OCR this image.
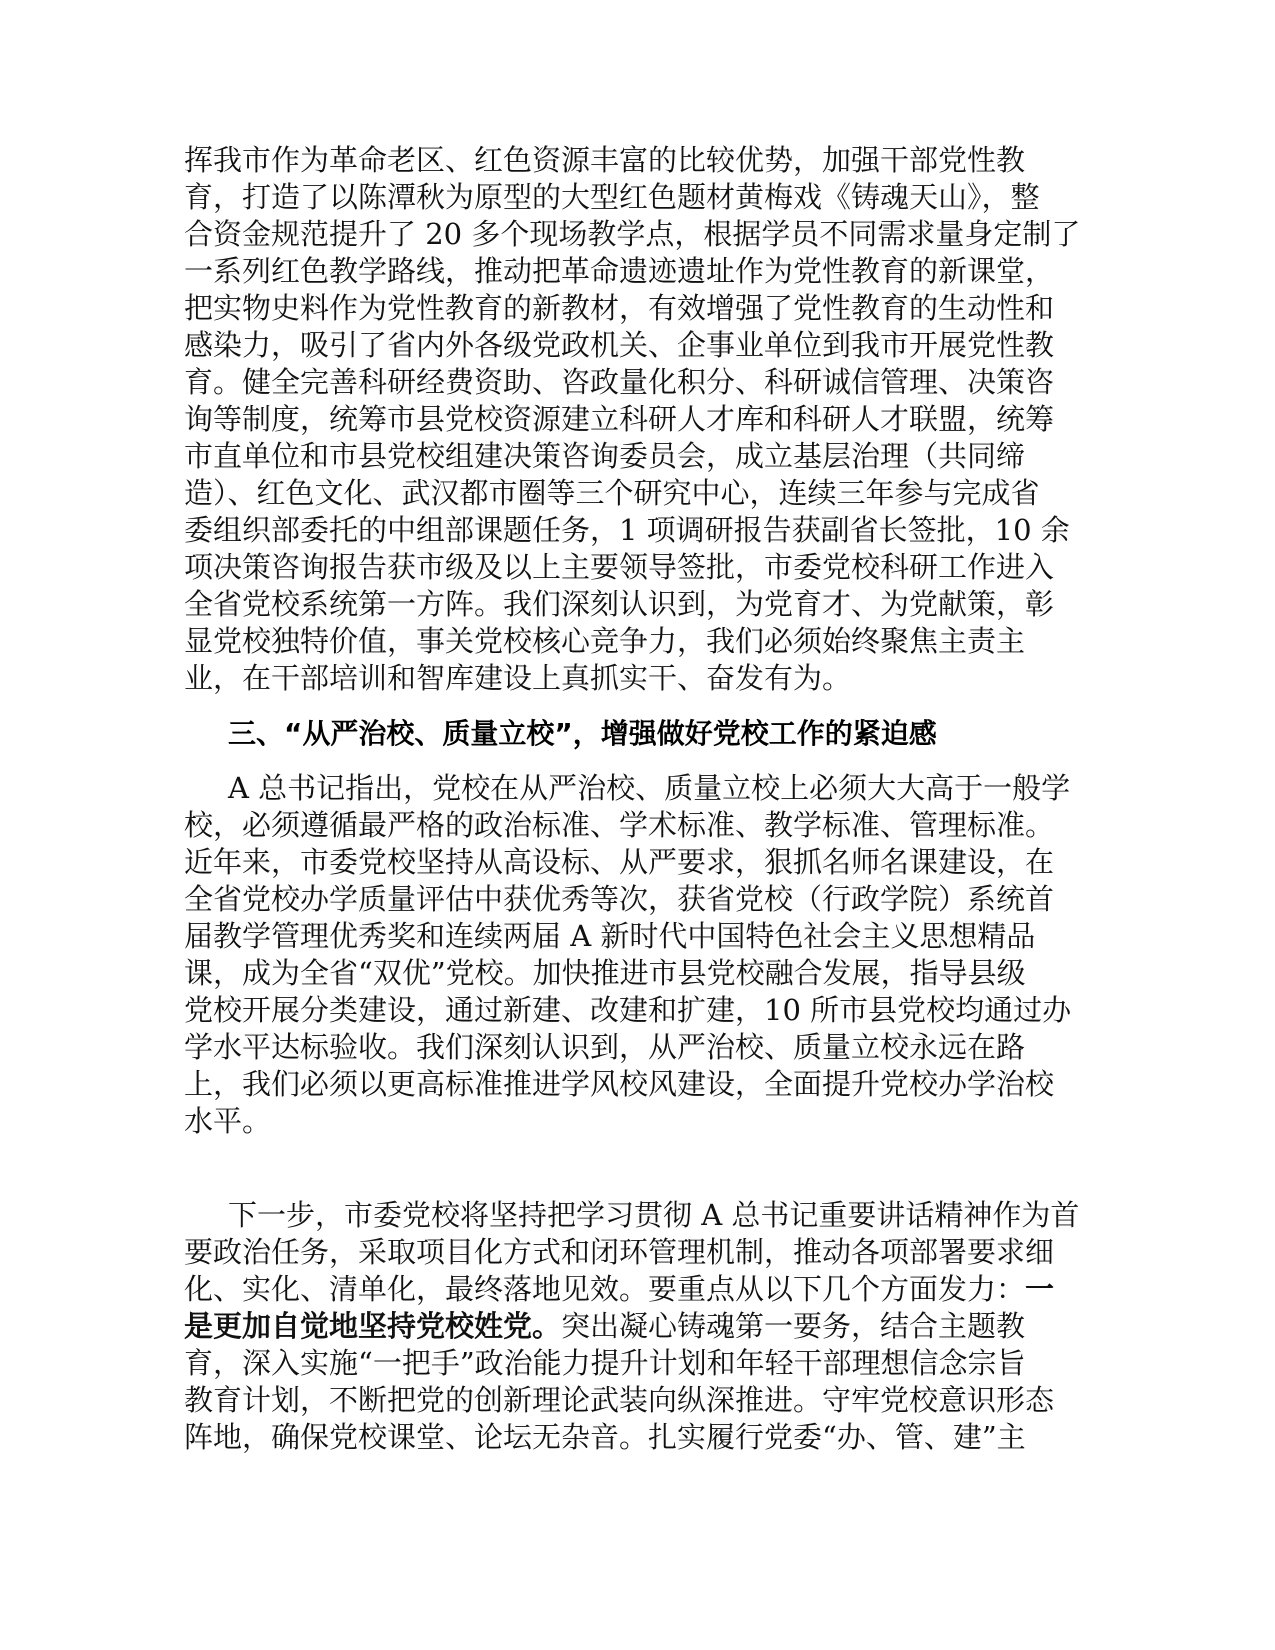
挥我市作为革命老区、红色资源丰富的比较优势，加强干部党性教
育，打造了以陈潭秋为原型的大型红色题材黄梅戏《铸魂天山》，整
合资金规范提升了 20 多个现场教学点，根据学员不同需求量身定制了
一系列红色教学路线，推动把革命遗迹遗址作为党性教育的新课堂，
把实物史料作为党性教育的新教材，有效增强了党性教育的生动性和
感染力，吸引了省内外各级党政机关、企事业单位到我市开展党性教
育。健全完善科研经费资助、咨政量化积分、科研诚信管理、决策咨
询等制度，统筹市县党校资源建立科研人才库和科研人才联盟，统筹
市直单位和市县党校组建决策咨询委员会，成立基层治理（共同缔
造）、红色文化、武汉都市圈等三个研究中心，连续三年参与完成省
委组织部委托的中组部课题任务，1 项调研报告获副省长签批，10 余
项决策咨询报告获市级及以上主要领导签批，市委党校科研工作进入
全省党校系统第一方阵。我们深刻认识到，为党育才、为党献策，彰
显党校独特价值，事关党校核心竞争力，我们必须始终聚焦主责主
业，在干部培训和智库建设上真抓实干、奋发有为。
三、“从严治校、质量立校”，增强做好党校工作的紧迫感
A 总书记指出，党校在从严治校、质量立校上必须大大高于一般学
校，必须遵循最严格的政治标准、学术标准、教学标准、管理标准。
近年来，市委党校坚持从高设标、从严要求，狠抓名师名课建设，在
全省党校办学质量评估中获优秀等次，获省党校（行政学院）系统首
届教学管理优秀奖和连续两届 A 新时代中国特色社会主义思想精品
课，成为全省“双优”党校。加快推进市县党校融合发展，指导县级
党校开展分类建设，通过新建、改建和扩建，10 所市县党校均通过办
学水平达标验收。我们深刻认识到，从严治校、质量立校永远在路
上，我们必须以更高标准推进学风校风建设，全面提升党校办学治校
水平。
下一步，市委党校将坚持把学习贯彻 A 总书记重要讲话精神作为首
要政治任务，采取项目化方式和闭环管理机制，推动各项部署要求细
化、实化、清单化，最终落地见效。要重点从以下几个方面发力：一
是更加自觉地坚持党校姓党。突出凝心铸魂第一要务，结合主题教
育，深入实施“一把手”政治能力提升计划和年轻干部理想信念宗旨
教育计划，不断把党的创新理论武装向纵深推进。守牢党校意识形态
阵地，确保党校课堂、论坛无杂音。扎实履行党委“办、管、建”主
